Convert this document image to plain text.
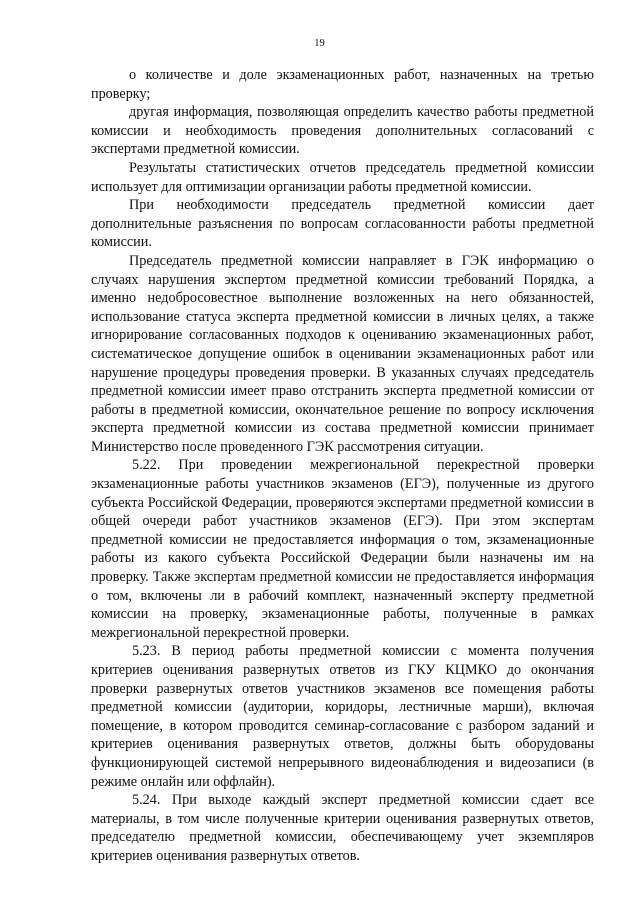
19

о количестве и доле экзаменационных работ, назначенных на третью проверку;

другая информация, позволяющая определить качество работы предметной комиссии и необходимость проведения дополнительных согласований с экспертами предметной комиссии.

Результаты статистических отчетов председатель предметной комиссии использует для оптимизации организации работы предметной комиссии.

При необходимости председатель предметной комиссии дает дополнительные разъяснения по вопросам согласованности работы предметной комиссии.

Председатель предметной комиссии направляет в ГЭК информацию о случаях нарушения экспертом предметной комиссии требований Порядка, а именно недобросовестное выполнение возложенных на него обязанностей, использование статуса эксперта предметной комиссии в личных целях, а также игнорирование согласованных подходов к оцениванию экзаменационных работ, систематическое допущение ошибок в оценивании экзаменационных работ или нарушение процедуры проведения проверки. В указанных случаях председатель предметной комиссии имеет право отстранить эксперта предметной комиссии от работы в предметной комиссии, окончательное решение по вопросу исключения эксперта предметной комиссии из состава предметной комиссии принимает Министерство после проведенного ГЭК рассмотрения ситуации.

5.22. При проведении межрегиональной перекрестной проверки экзаменационные работы участников экзаменов (ЕГЭ), полученные из другого субъекта Российской Федерации, проверяются экспертами предметной комиссии в общей очереди работ участников экзаменов (ЕГЭ). При этом экспертам предметной комиссии не предоставляется информация о том, экзаменационные работы из какого субъекта Российской Федерации были назначены им на проверку. Также экспертам предметной комиссии не предоставляется информация о том, включены ли в рабочий комплект, назначенный эксперту предметной комиссии на проверку, экзаменационные работы, полученные в рамках межрегиональной перекрестной проверки.

5.23. В период работы предметной комиссии с момента получения критериев оценивания развернутых ответов из ГКУ КЦМКО до окончания проверки развернутых ответов участников экзаменов все помещения работы предметной комиссии (аудитории, коридоры, лестничные марши), включая помещение, в котором проводится семинар-согласование с разбором заданий и критериев оценивания развернутых ответов, должны быть оборудованы функционирующей системой непрерывного видеонаблюдения и видеозаписи (в режиме онлайн или оффлайн).

5.24. При выходе каждый эксперт предметной комиссии сдает все материалы, в том числе полученные критерии оценивания развернутых ответов, председателю предметной комиссии, обеспечивающему учет экземпляров критериев оценивания развернутых ответов.
